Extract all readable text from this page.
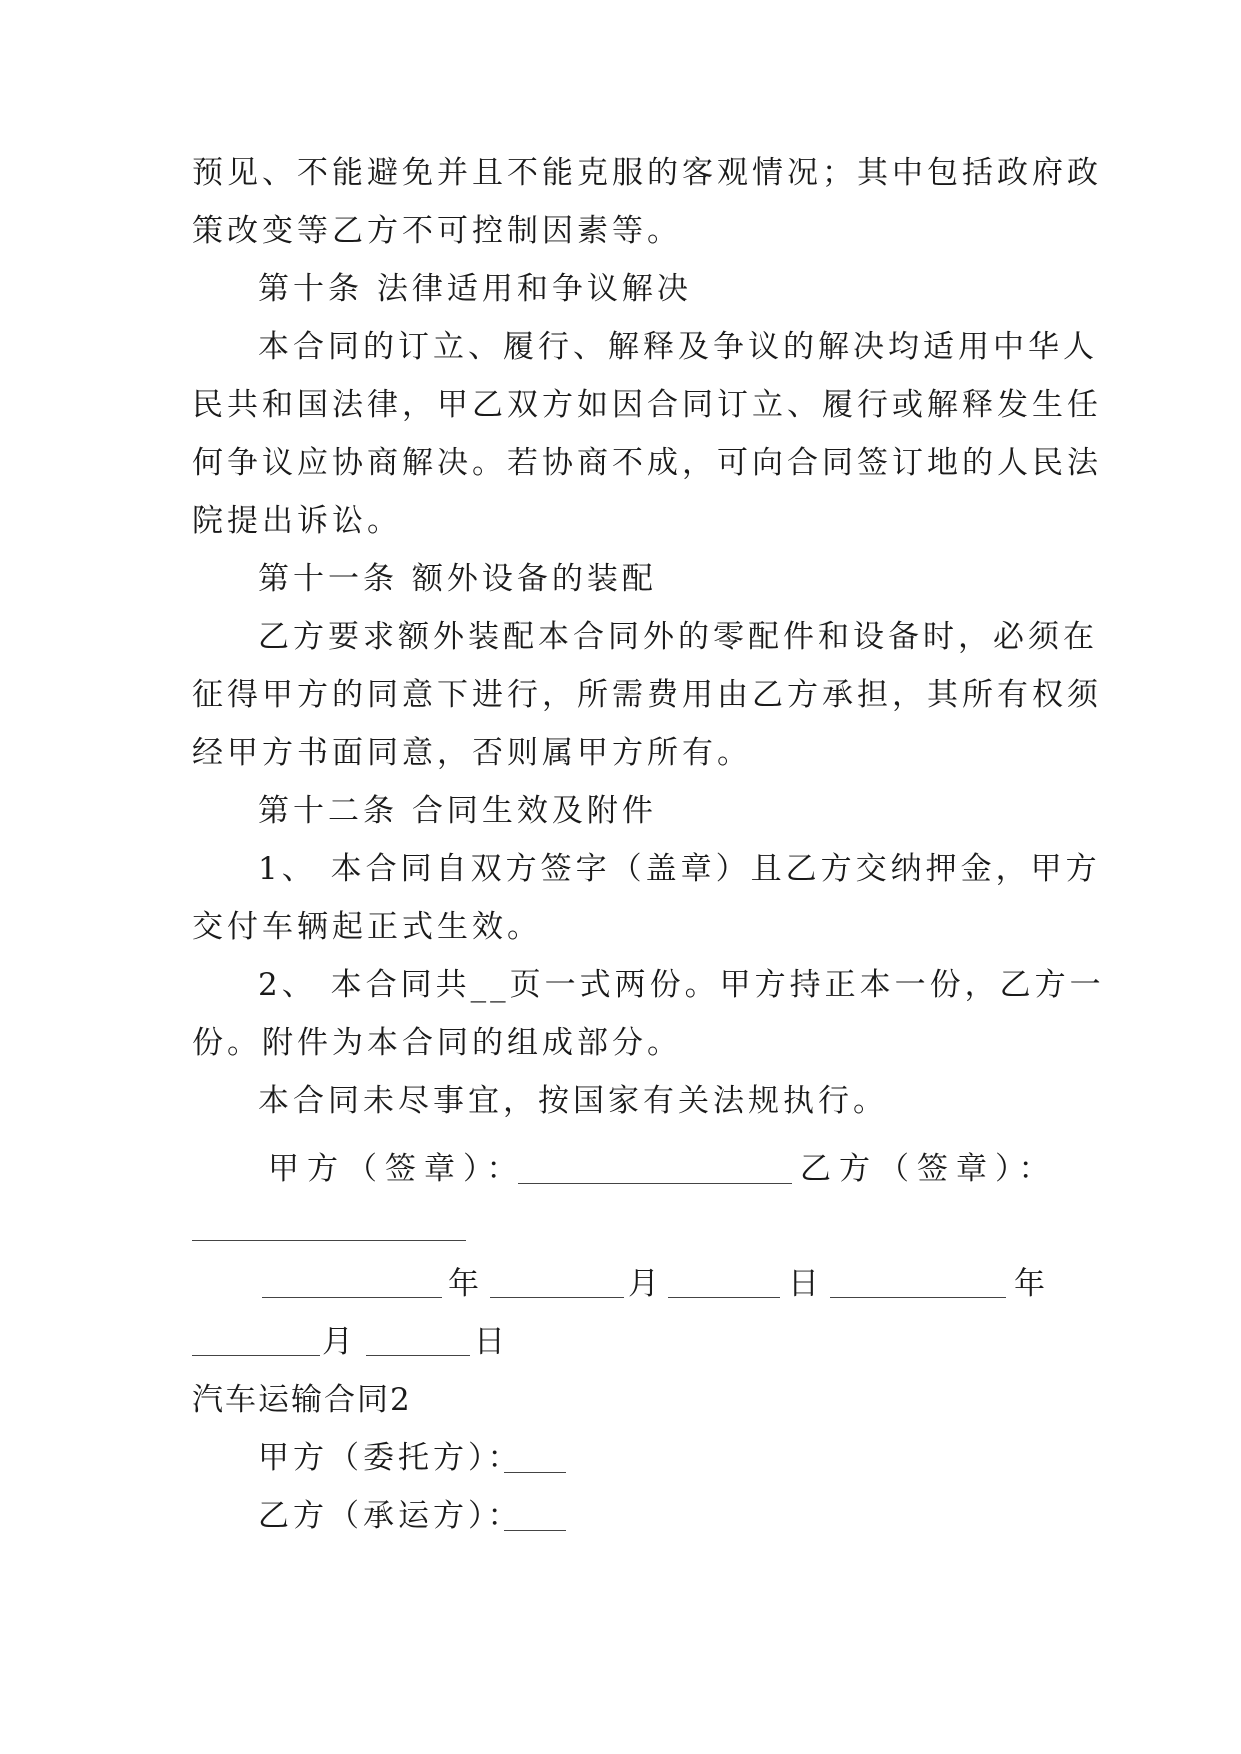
预见、不能避免并且不能克服的客观情况；其中包括政府政
策改变等乙方不可控制因素等。
第十条 法律适用和争议解决
本合同的订立、履行、解释及争议的解决均适用中华人
民共和国法律，甲乙双方如因合同订立、履行或解释发生任
何争议应协商解决。若协商不成，可向合同签订地的人民法
院提出诉讼。
第十一条 额外设备的装配
乙方要求额外装配本合同外的零配件和设备时，必须在
征得甲方的同意下进行，所需费用由乙方承担，其所有权须
经甲方书面同意，否则属甲方所有。
第十二条 合同生效及附件
1、 本合同自双方签字（盖章）且乙方交纳押金，甲方
交付车辆起正式生效。
2、 本合同共__页一式两份。甲方持正本一份，乙方一
份。附件为本合同的组成部分。
本合同未尽事宜，按国家有关法规执行。
甲方（签章）：	乙方（签章）：
年	月	日	年
月	日
汽车运输合同2
甲方（委托方）：
乙方（承运方）：
